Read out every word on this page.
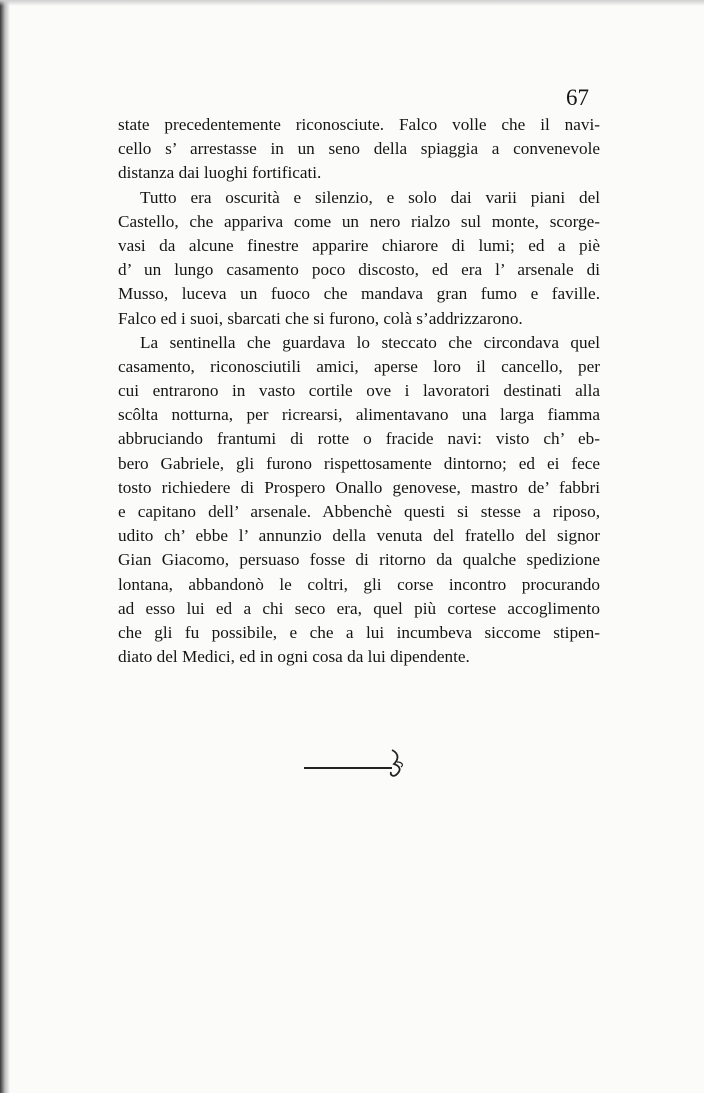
67
state precedentemente riconosciute. Falco volle che il navi-
cello s’ arrestasse in un seno della spiaggia a convenevole
distanza dai luoghi fortificati.
Tutto era oscurità e silenzio, e solo dai varii piani del
Castello, che appariva come un nero rialzo sul monte, scorge-
vasi da alcune finestre apparire chiarore di lumi; ed a piè
d’ un lungo casamento poco discosto, ed era l’ arsenale di
Musso, luceva un fuoco che mandava gran fumo e faville.
Falco ed i suoi, sbarcati che si furono, colà s’addrizzarono.
La sentinella che guardava lo steccato che circondava quel
casamento, riconosciutili amici, aperse loro il cancello, per
cui entrarono in vasto cortile ove i lavoratori destinati alla
scôlta notturna, per ricrearsi, alimentavano una larga fiamma
abbruciando frantumi di rotte o fracide navi: visto ch’ eb-
bero Gabriele, gli furono rispettosamente dintorno; ed ei fece
tosto richiedere di Prospero Onallo genovese, mastro de’ fabbri
e capitano dell’ arsenale. Abbenchè questi si stesse a riposo,
udito ch’ ebbe l’ annunzio della venuta del fratello del signor
Gian Giacomo, persuaso fosse di ritorno da qualche spedizione
lontana, abbandonò le coltri, gli corse incontro procurando
ad esso lui ed a chi seco era, quel più cortese accoglimento
che gli fu possibile, e che a lui incumbeva siccome stipen-
diato del Medici, ed in ogni cosa da lui dipendente.
